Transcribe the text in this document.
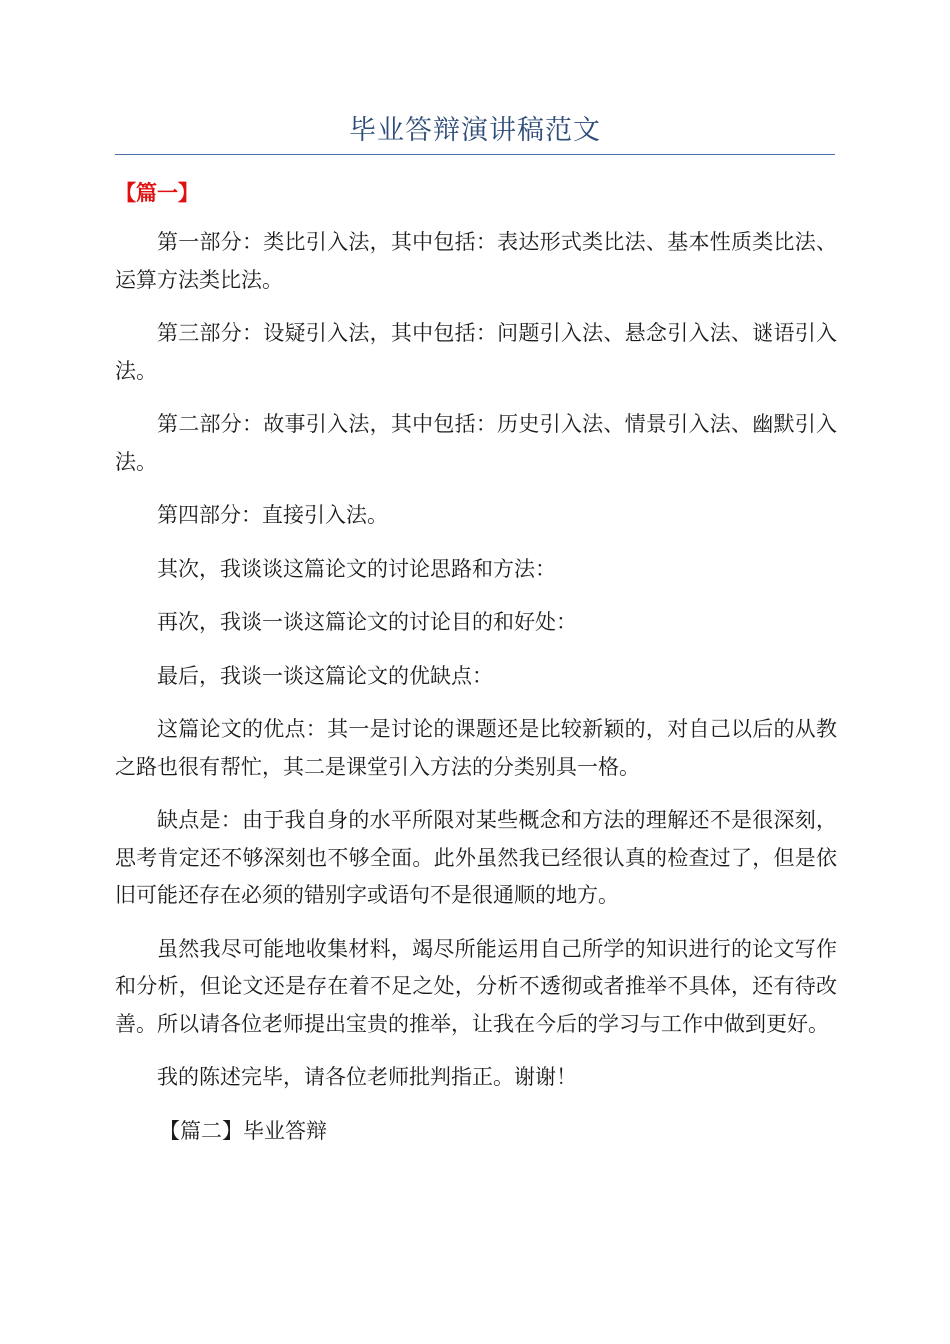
毕业答辩演讲稿范文
【篇一】

第一部分：类比引入法，其中包括：表达形式类比法、基本性质类比法、运算方法类比法。

第三部分：设疑引入法，其中包括：问题引入法、悬念引入法、谜语引入法。

第二部分：故事引入法，其中包括：历史引入法、情景引入法、幽默引入法。

第四部分：直接引入法。

其次，我谈谈这篇论文的讨论思路和方法：

再次，我谈一谈这篇论文的讨论目的和好处：

最后，我谈一谈这篇论文的优缺点：

这篇论文的优点：其一是讨论的课题还是比较新颖的，对自己以后的从教之路也很有帮忙，其二是课堂引入方法的分类别具一格。

缺点是：由于我自身的水平所限对某些概念和方法的理解还不是很深刻，思考肯定还不够深刻也不够全面。此外虽然我已经很认真的检查过了，但是依旧可能还存在必须的错别字或语句不是很通顺的地方。

虽然我尽可能地收集材料，竭尽所能运用自己所学的知识进行的论文写作和分析，但论文还是存在着不足之处，分析不透彻或者推举不具体，还有待改善。所以请各位老师提出宝贵的推举，让我在今后的学习与工作中做到更好。

我的陈述完毕，请各位老师批判指正。谢谢！

【篇二】毕业答辩
